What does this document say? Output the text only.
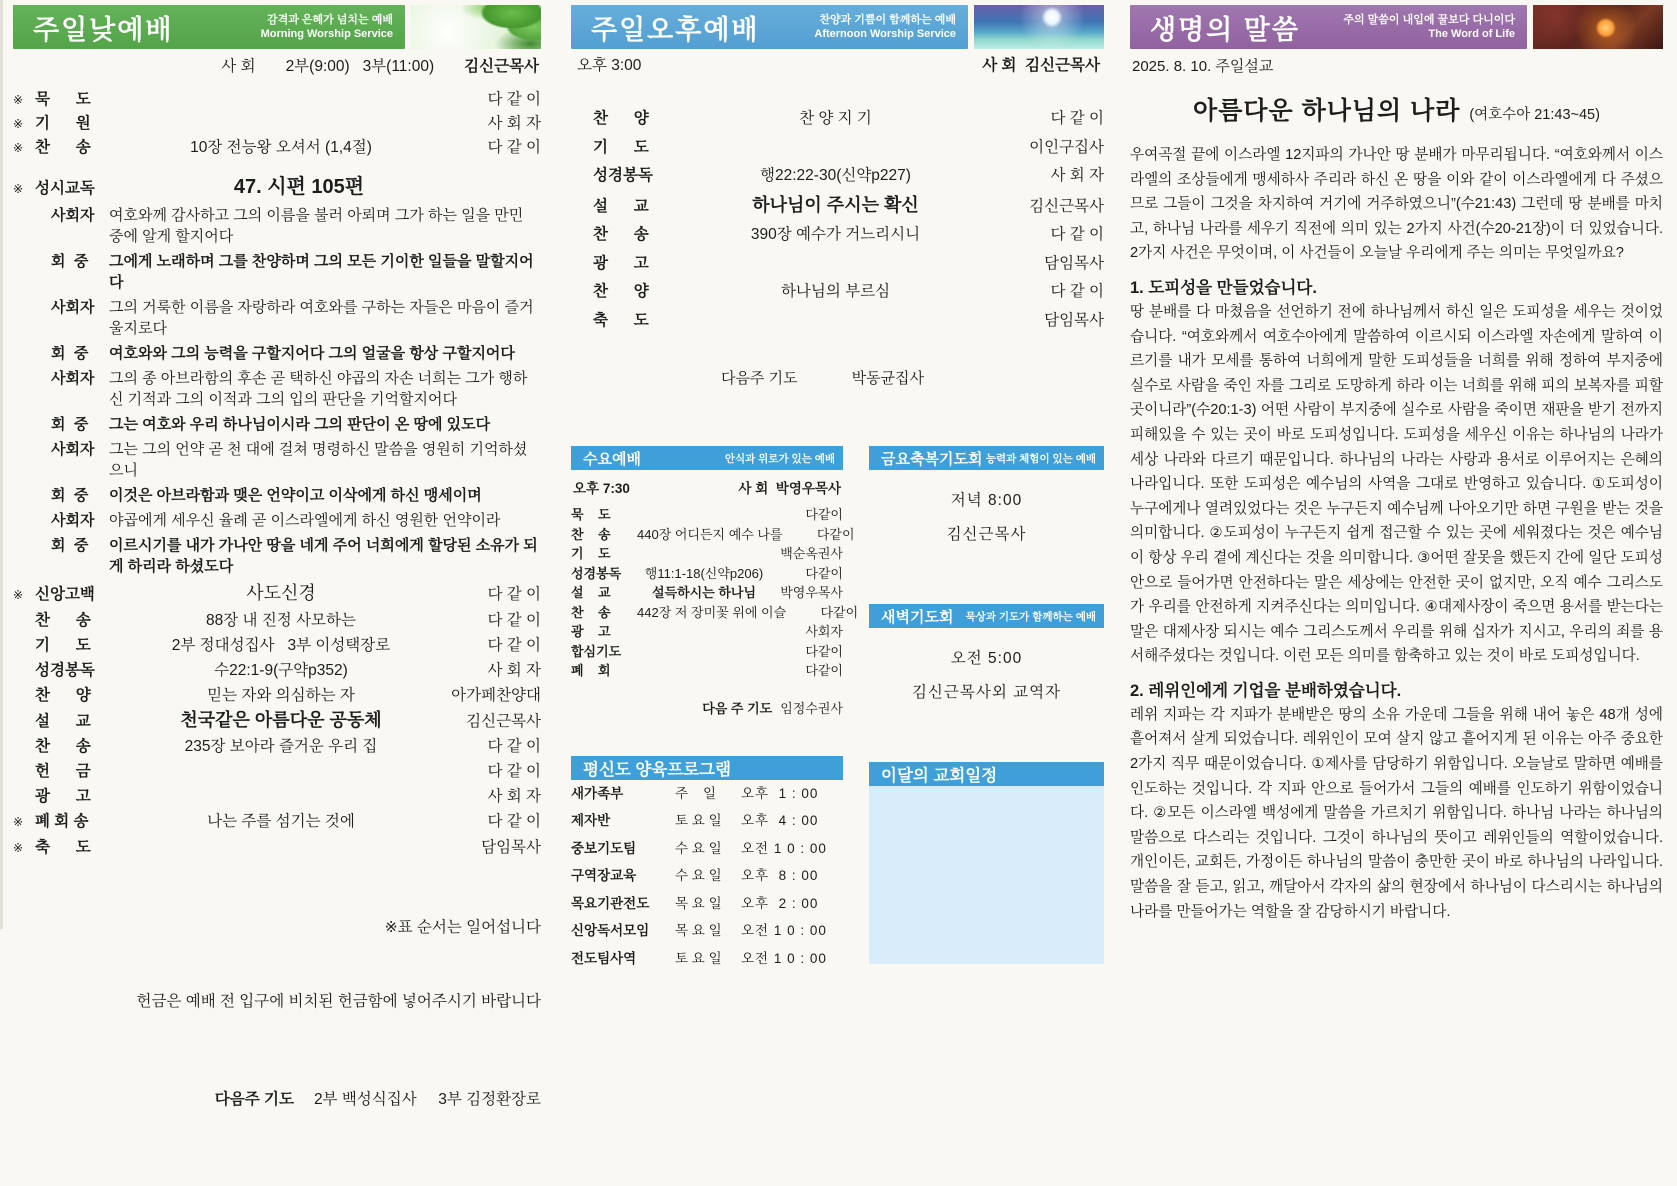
주일낮예배	감격과 은혜가 넘치는 예배
Morning Worship Service
사 회 2부(9:00)   3부(11:00) 김신근목사
※ 묵      도	다 같 이
※ 기      원	사 회 자
※ 찬      송	10장 전능왕 오셔서 (1,4절)	다 같 이
※ 성시교독	47. 시편 105편
사회자 여호와께 감사하고 그의 이름을 불러 아뢰며 그가 하는 일을 만민 중에 알게 할지어다
회  중	그에게 노래하며 그를 찬양하며 그의 모든 기이한 일들을 말할지어다
사회자 그의 거룩한 이름을 자랑하라 여호와를 구하는 자들은 마음이 즐거울지로다
회  중	여호와와 그의 능력을 구할지어다 그의 얼굴을 항상 구할지어다
사회자 그의 종 아브라함의 후손 곧 택하신 야곱의 자손 너희는 그가 행하신 기적과 그의 이적과 그의 입의 판단을 기억할지어다
회  중	그는 여호와 우리 하나님이시라 그의 판단이 온 땅에 있도다
사회자 그는 그의 언약 곧 천 대에 걸쳐 명령하신 말씀을 영원히 기억하셨으니
회  중	이것은 아브라함과 맺은 언약이고 이삭에게 하신 맹세이며
사회자 야곱에게 세우신 율례 곧 이스라엘에게 하신 영원한 언약이라
회  중	이르시기를 내가 가나안 땅을 네게 주어 너희에게 할당된 소유가 되게 하리라 하셨도다
※ 신앙고백	사도신경	다 같 이
찬      송	88장 내 진정 사모하는	다 같 이
기      도	2부 정대성집사   3부 이성택장로	다 같 이
성경봉독	수22:1-9(구약p352)	사 회 자
찬      양	믿는 자와 의심하는 자	아가페찬양대
설      교	천국같은 아름다운 공동체	김신근목사
찬      송	235장 보아라 즐거운 우리 집	다 같 이
헌      금	다 같 이
광      고	사 회 자
※ 폐 회 송	나는 주를 섬기는 것에	다 같 이
※ 축      도	담임목사

※표 순서는 일어섭니다

헌금은 예배 전 입구에 비치된 헌금함에 넣어주시기 바랍니다

다음주 기도 2부 백성식집사     3부 김정환장로

주일오후예배	찬양과 기쁨이 함께하는 예배
Afternoon Worship Service
오후 3:00	사 회 김신근목사
찬      양	찬 양 지 기	다 같 이
기      도	이인구집사
성경봉독	행22:22-30(신약p227)	사 회 자
설      교	하나님이 주시는 확신	김신근목사
찬      송	390장 예수가 거느리시니	다 같 이
광      고	담임목사
찬      양	하나님의 부르심	다 같 이
축      도	담임목사
다음주 기도	박동균집사
수요예배	안식과 위로가 있는 예배
오후 7:30	사 회 박영우목사
묵    도	다같이
찬    송	440장 어디든지 예수 나를	다같이
기    도	백순옥권사
성경봉독	행11:1-18(신약p206)	다같이
설    교	설득하시는 하나님	박영우목사
찬    송	442장 저 장미꽃 위에 이슬	다같이
광    고	사회자
합심기도	다같이
폐    회	다같이

다음 주 기도 임정수권사

평신도 양육프로그램
새가족부	주    일	오후  1 : 00
제자반	토 요 일	오후  4 : 00
중보기도팀	수 요 일	오전 1 0 : 00
구역장교육	수 요 일	오후  8 : 00
목요기관전도	목 요 일	오후  2 : 00
신앙독서모임	목 요 일	오전 1 0 : 00
전도팀사역	토 요 일	오전 1 0 : 00
금요축복기도회 능력과 체험이 있는 예배
저녁 8:00
김신근목사
새벽기도회 묵상과 기도가 함께하는 예배
오전 5:00
김신근목사외 교역자
이달의 교회일정
생명의 말씀	주의 말씀이 내입에 꿀보다 다니이다
The Word of Life
2025. 8. 10. 주일설교
아름다운 하나님의 나라 (여호수아 21:43~45)

우여곡절 끝에 이스라엘 12지파의 가나안 땅 분배가 마무리됩니다. “여호와께서 이스라엘의 조상들에게 맹세하사 주리라 하신 온 땅을 이와 같이 이스라엘에게 다 주셨으므로 그들이 그것을 차지하여 거기에 거주하였으니”(수21:43) 그런데 땅 분배를 마치고, 하나님 나라를 세우기 직전에 의미 있는 2가지 사건(수20-21장)이 더 있었습니다. 2가지 사건은 무엇이며, 이 사건들이 오늘날 우리에게 주는 의미는 무엇일까요?

1. 도피성을 만들었습니다.

땅 분배를 다 마쳤음을 선언하기 전에 하나님께서 하신 일은 도피성을 세우는 것이었습니다. “여호와께서 여호수아에게 말씀하여 이르시되 이스라엘 자손에게 말하여 이르기를 내가 모세를 통하여 너희에게 말한 도피성들을 너희를 위해 정하여 부지중에 실수로 사람을 죽인 자를 그리로 도망하게 하라 이는 너희를 위해 피의 보복자를 피할 곳이니라”(수20:1-3) 어떤 사람이 부지중에 실수로 사람을 죽이면 재판을 받기 전까지 피해있을 수 있는 곳이 바로 도피성입니다. 도피성을 세우신 이유는 하나님의 나라가 세상 나라와 다르기 때문입니다. 하나님의 나라는 사랑과 용서로 이루어지는 은혜의 나라입니다. 또한 도피성은 예수님의 사역을 그대로 반영하고 있습니다. ①도피성이 누구에게나 열려있었다는 것은 누구든지 예수님께 나아오기만 하면 구원을 받는 것을 의미합니다. ②도피성이 누구든지 쉽게 접근할 수 있는 곳에 세워졌다는 것은 예수님이 항상 우리 곁에 계신다는 것을 의미합니다. ③어떤 잘못을 했든지 간에 일단 도피성 안으로 들어가면 안전하다는 말은 세상에는 안전한 곳이 없지만, 오직 예수 그리스도가 우리를 안전하게 지켜주신다는 의미입니다. ④대제사장이 죽으면 용서를 받는다는 말은 대제사장 되시는 예수 그리스도께서 우리를 위해 십자가 지시고, 우리의 죄를 용서해주셨다는 것입니다. 이런 모든 의미를 함축하고 있는 것이 바로 도피성입니다.

2. 레위인에게 기업을 분배하였습니다.

레위 지파는 각 지파가 분배받은 땅의 소유 가운데 그들을 위해 내어 놓은 48개 성에 흩어져서 살게 되었습니다. 레위인이 모여 살지 않고 흩어지게 된 이유는 아주 중요한 2가지 직무 때문이었습니다. ①제사를 담당하기 위함입니다. 오늘날로 말하면 예배를 인도하는 것입니다. 각 지파 안으로 들어가서 그들의 예배를 인도하기 위함이었습니다. ②모든 이스라엘 백성에게 말씀을 가르치기 위함입니다. 하나님 나라는 하나님의 말씀으로 다스리는 것입니다. 그것이 하나님의 뜻이고 레위인들의 역할이었습니다. 개인이든, 교회든, 가정이든 하나님의 말씀이 충만한 곳이 바로 하나님의 나라입니다. 말씀을 잘 듣고, 읽고, 깨달아서 각자의 삶의 현장에서 하나님이 다스리시는 하나님의 나라를 만들어가는 역할을 잘 감당하시기 바랍니다.
